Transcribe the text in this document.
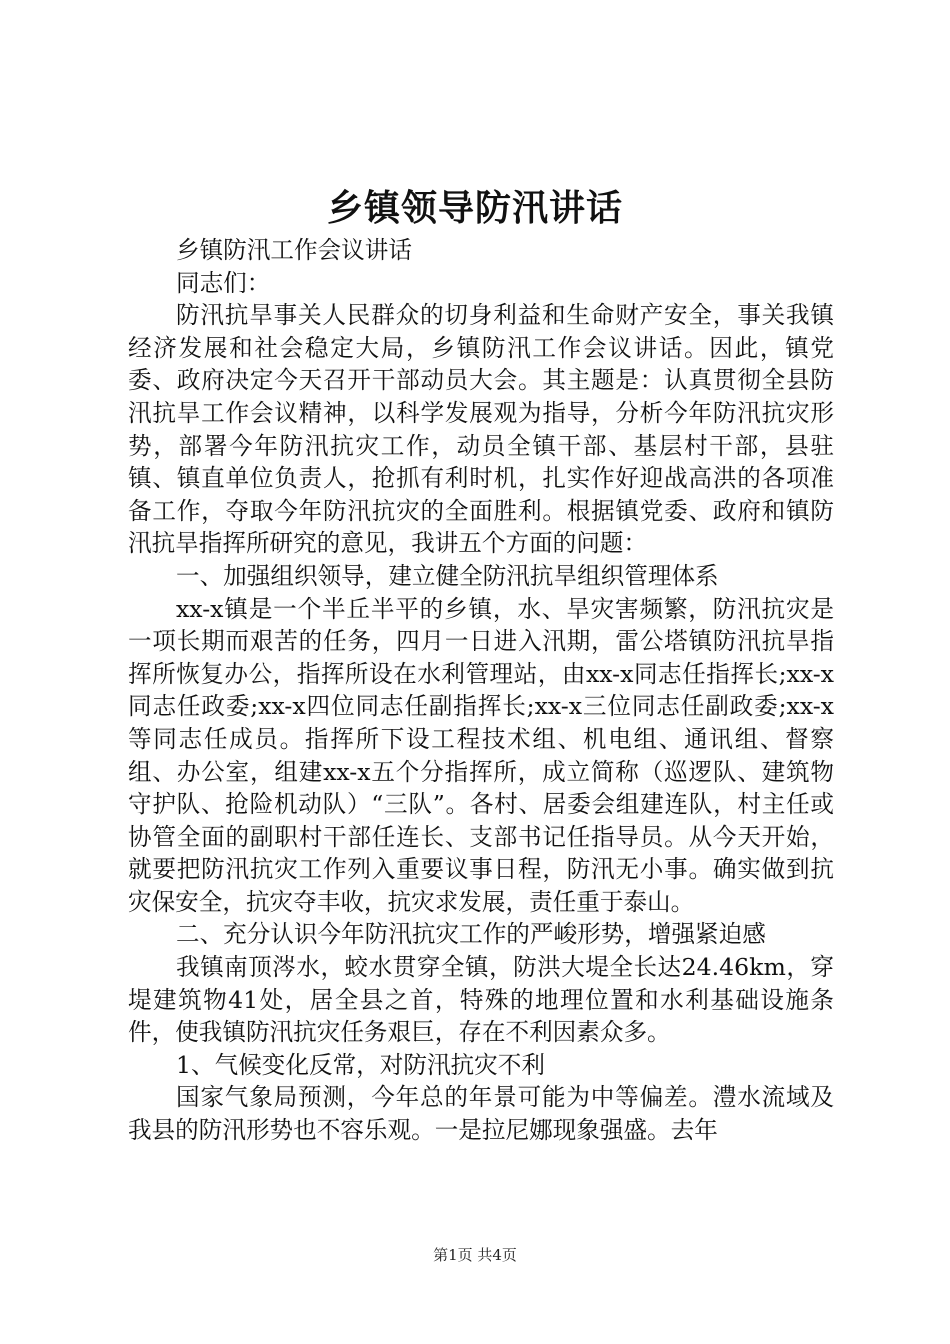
乡镇领导防汛讲话

乡镇防汛工作会议讲话

同志们：

防汛抗旱事关人民群众的切身利益和生命财产安全，事关我镇经济发展和社会稳定大局，乡镇防汛工作会议讲话。因此，镇党委、政府决定今天召开干部动员大会。其主题是：认真贯彻全县防汛抗旱工作会议精神，以科学发展观为指导，分析今年防汛抗灾形势，部署今年防汛抗灾工作，动员全镇干部、基层村干部，县驻镇、镇直单位负责人，抢抓有利时机，扎实作好迎战高洪的各项准备工作，夺取今年防汛抗灾的全面胜利。根据镇党委、政府和镇防汛抗旱指挥所研究的意见，我讲五个方面的问题：

一、加强组织领导，建立健全防汛抗旱组织管理体系

xx-x镇是一个半丘半平的乡镇，水、旱灾害频繁，防汛抗灾是一项长期而艰苦的任务，四月一日进入汛期，雷公塔镇防汛抗旱指挥所恢复办公，指挥所设在水利管理站，由xx-x同志任指挥长;xx-x同志任政委;xx-x四位同志任副指挥长;xx-x三位同志任副政委;xx-x等同志任成员。指挥所下设工程技术组、机电组、通讯组、督察组、办公室，组建xx-x五个分指挥所，成立简称（巡逻队、建筑物守护队、抢险机动队）“三队”。各村、居委会组建连队，村主任或协管全面的副职村干部任连长、支部书记任指导员。从今天开始，就要把防汛抗灾工作列入重要议事日程，防汛无小事。确实做到抗灾保安全，抗灾夺丰收，抗灾求发展，责任重于泰山。

二、充分认识今年防汛抗灾工作的严峻形势，增强紧迫感

我镇南顶涔水，蛟水贯穿全镇，防洪大堤全长达24.46km，穿堤建筑物41处，居全县之首，特殊的地理位置和水利基础设施条件，使我镇防汛抗灾任务艰巨，存在不利因素众多。

1、气候变化反常，对防汛抗灾不利

国家气象局预测，今年总的年景可能为中等偏差。澧水流域及我县的防汛形势也不容乐观。一是拉尼娜现象强盛。去年

第1页 共4页
